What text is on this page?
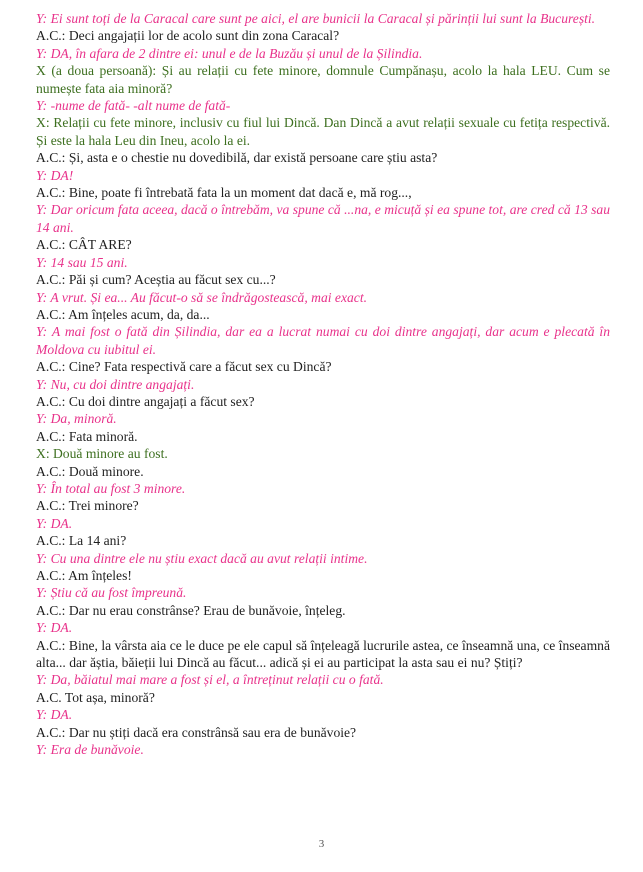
Y: Ei sunt toți de la Caracal care sunt pe aici, el are bunicii la Caracal și părinții lui sunt la București.

A.C.: Deci angajații lor de acolo sunt din zona Caracal?

Y: DA, în afara de 2 dintre ei: unul e de la Buzău și unul de la Șilindia.

X (a doua persoană): Și au relații cu fete minore, domnule Cumpănașu, acolo la hala LEU. Cum se numește fata aia minoră?

Y: -nume de fată- -alt nume de fată-

X: Relații cu fete minore, inclusiv cu fiul lui Dincă. Dan Dincă a avut relații sexuale cu fetița respectivă. Și este la hala Leu din Ineu, acolo la ei.

A.C.: Și, asta e o chestie nu dovedibilă, dar există persoane care știu asta?

Y: DA!

A.C.: Bine, poate fi întrebată fata la un moment dat dacă e, mă rog...,

Y: Dar oricum fata aceea, dacă o întrebăm, va spune că ...na, e micuță și ea spune tot, are cred că 13 sau 14 ani.

A.C.: CÂT ARE?

Y: 14 sau 15 ani.

A.C.: Păi și cum? Aceștia au făcut sex cu...?

Y: A vrut. Și ea... Au făcut-o să se îndrăgostească, mai exact.

A.C.: Am înțeles acum, da, da...

Y: A mai fost o fată din Șilindia, dar ea a lucrat numai cu doi dintre angajați, dar acum e plecată în Moldova cu iubitul ei.

A.C.: Cine? Fata respectivă care a făcut sex cu Dincă?

Y: Nu, cu doi dintre angajați.

A.C.: Cu doi dintre angajați a făcut sex?

Y: Da, minoră.

A.C.: Fata minoră.

X: Două minore au fost.

A.C.: Două minore.

Y: În total au fost 3 minore.

A.C.: Trei minore?

Y: DA.

A.C.: La 14 ani?

Y: Cu una dintre ele nu știu exact dacă au avut relații intime.

A.C.: Am înțeles!

Y: Știu că au fost împreună.

A.C.: Dar nu erau constrânse? Erau de bunăvoie, înțeleg.

Y: DA.

A.C.: Bine, la vârsta aia ce le duce pe ele capul să înțeleagă lucrurile astea, ce înseamnă una, ce înseamnă alta... dar ăștia, băieții lui Dincă au făcut... adică și ei au participat la asta sau ei nu? Știți?

Y: Da, băiatul mai mare a fost și el, a întreținut relații cu o fată.

A.C. Tot așa, minoră?

Y: DA.

A.C.: Dar nu știți dacă era constrânsă sau era de bunăvoie?

Y: Era de bunăvoie.

3
